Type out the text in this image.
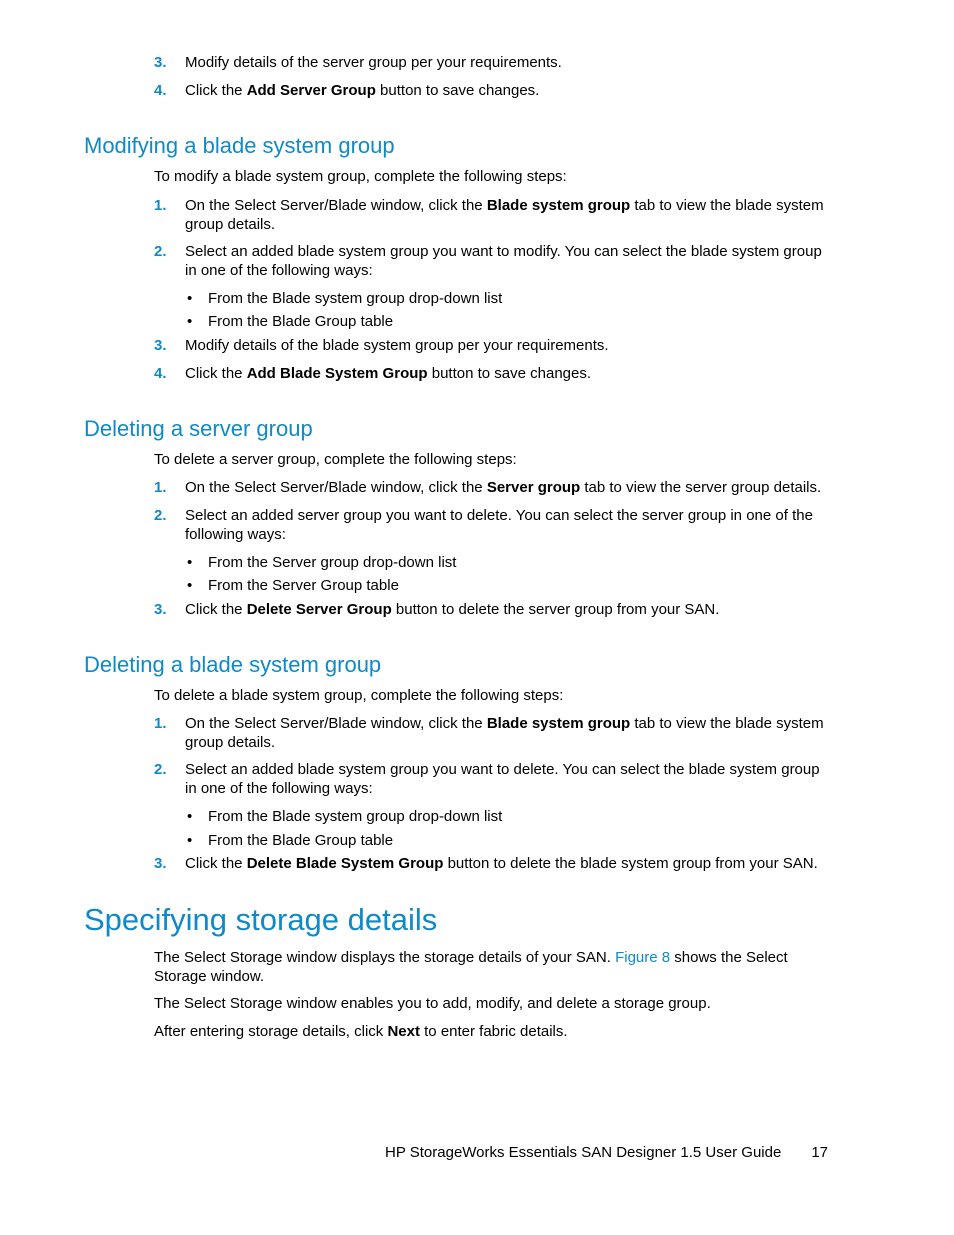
3. Modify details of the server group per your requirements.
4. Click the Add Server Group button to save changes.
Modifying a blade system group
To modify a blade system group, complete the following steps:
1. On the Select Server/Blade window, click the Blade system group tab to view the blade system group details.
2. Select an added blade system group you want to modify. You can select the blade system group in one of the following ways:
• From the Blade system group drop-down list
• From the Blade Group table
3. Modify details of the blade system group per your requirements.
4. Click the Add Blade System Group button to save changes.
Deleting a server group
To delete a server group, complete the following steps:
1. On the Select Server/Blade window, click the Server group tab to view the server group details.
2. Select an added server group you want to delete. You can select the server group in one of the following ways:
• From the Server group drop-down list
• From the Server Group table
3. Click the Delete Server Group button to delete the server group from your SAN.
Deleting a blade system group
To delete a blade system group, complete the following steps:
1. On the Select Server/Blade window, click the Blade system group tab to view the blade system group details.
2. Select an added blade system group you want to delete. You can select the blade system group in one of the following ways:
• From the Blade system group drop-down list
• From the Blade Group table
3. Click the Delete Blade System Group button to delete the blade system group from your SAN.
Specifying storage details
The Select Storage window displays the storage details of your SAN. Figure 8 shows the Select Storage window.
The Select Storage window enables you to add, modify, and delete a storage group.
After entering storage details, click Next to enter fabric details.
HP StorageWorks Essentials SAN Designer 1.5 User Guide 17
